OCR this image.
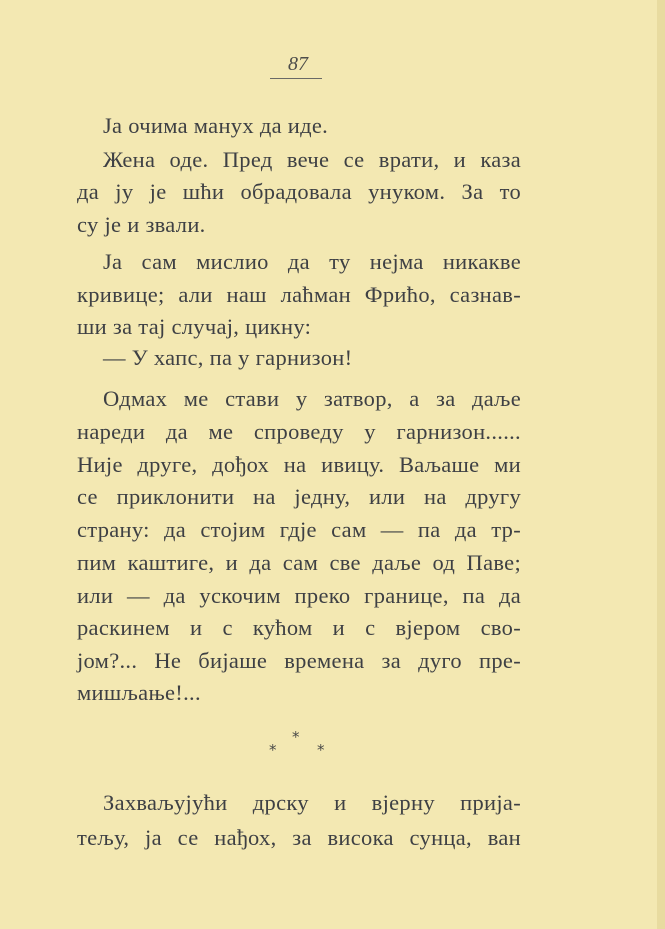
87
Ја очима манух да иде.
Жена оде. Пред вече се врати, и каза
да ју је шћи обрадовала унуком. За то
су је и звали.
Ја сам мислио да ту нејма никакве
кривице; али наш лаћман Фрићо, сазнав-
ши за тај случај, цикну:
— У хапс, па у гарнизон!
Одмах ме стави у затвор, а за даље
нареди да ме спроведу у гарнизон......
Није друге, дођох на ивицу. Ваљаше ми
се приклонити на једну, или на другу
страну: да стојим гдје сам — па да тр-
пим каштиге, и да сам све даље од Паве;
или — да ускочим преко границе, па да
раскинем и с кућом и с вјером сво-
јом?... Не бијаше времена за дуго пре-
мишљање!...
Захваљујући дрску и вјерну прија-
тељу, ја се нађох, за висока сунца, ван
*
*	*
